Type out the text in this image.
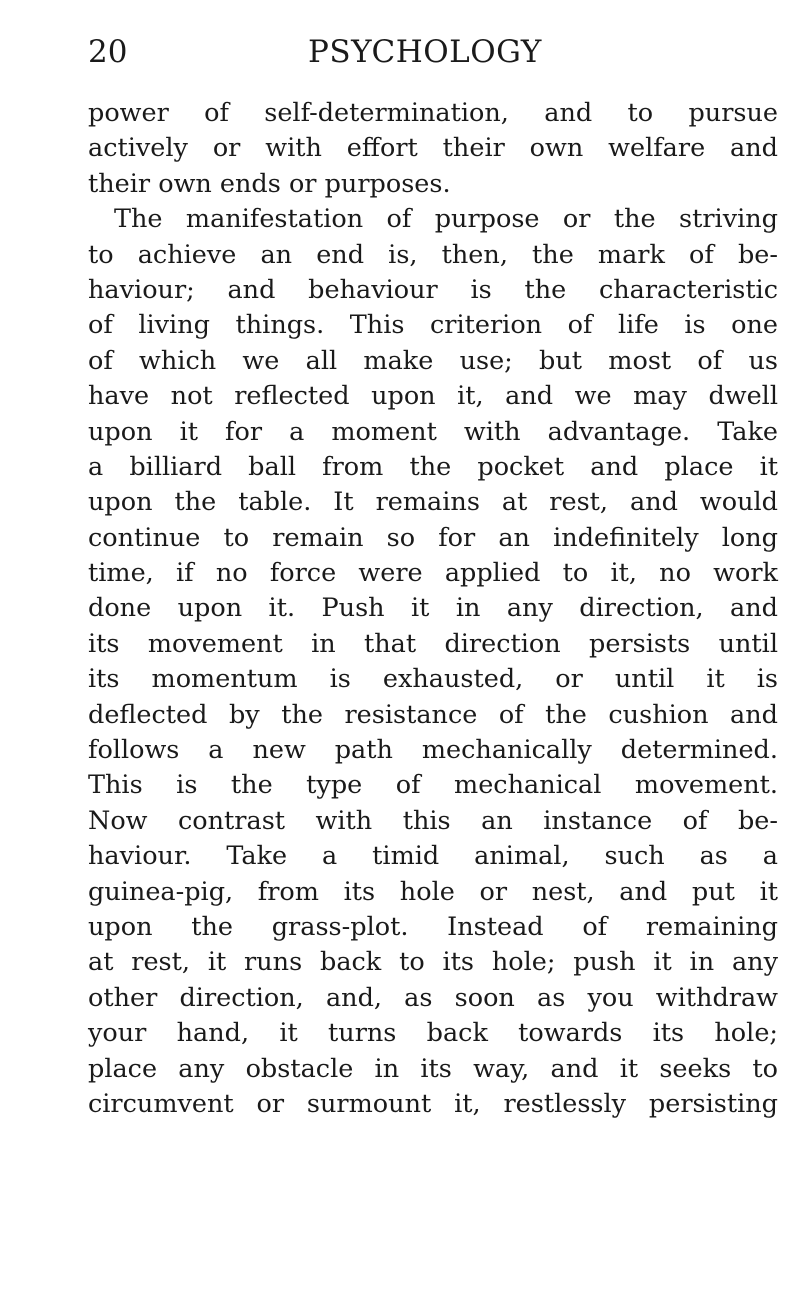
20	PSYCHOLOGY
power of self-determination, and to pursue
actively or with effort their own welfare and
their own ends or purposes.
The manifestation of purpose or the striving
to achieve an end is, then, the mark of be-
haviour; and behaviour is the characteristic
of living things. This criterion of life is one
of which we all make use; but most of us
have not reflected upon it, and we may dwell
upon it for a moment with advantage. Take
a billiard ball from the pocket and place it
upon the table. It remains at rest, and would
continue to remain so for an indefinitely long
time, if no force were applied to it, no work
done upon it. Push it in any direction, and
its movement in that direction persists until
its momentum is exhausted, or until it is
deflected by the resistance of the cushion and
follows a new path mechanically determined.
This is the type of mechanical movement.
Now contrast with this an instance of be-
haviour. Take a timid animal, such as a
guinea-pig, from its hole or nest, and put it
upon the grass-plot. Instead of remaining
at rest, it runs back to its hole; push it in any
other direction, and, as soon as you withdraw
your hand, it turns back towards its hole;
place any obstacle in its way, and it seeks to
circumvent or surmount it, restlessly persisting
